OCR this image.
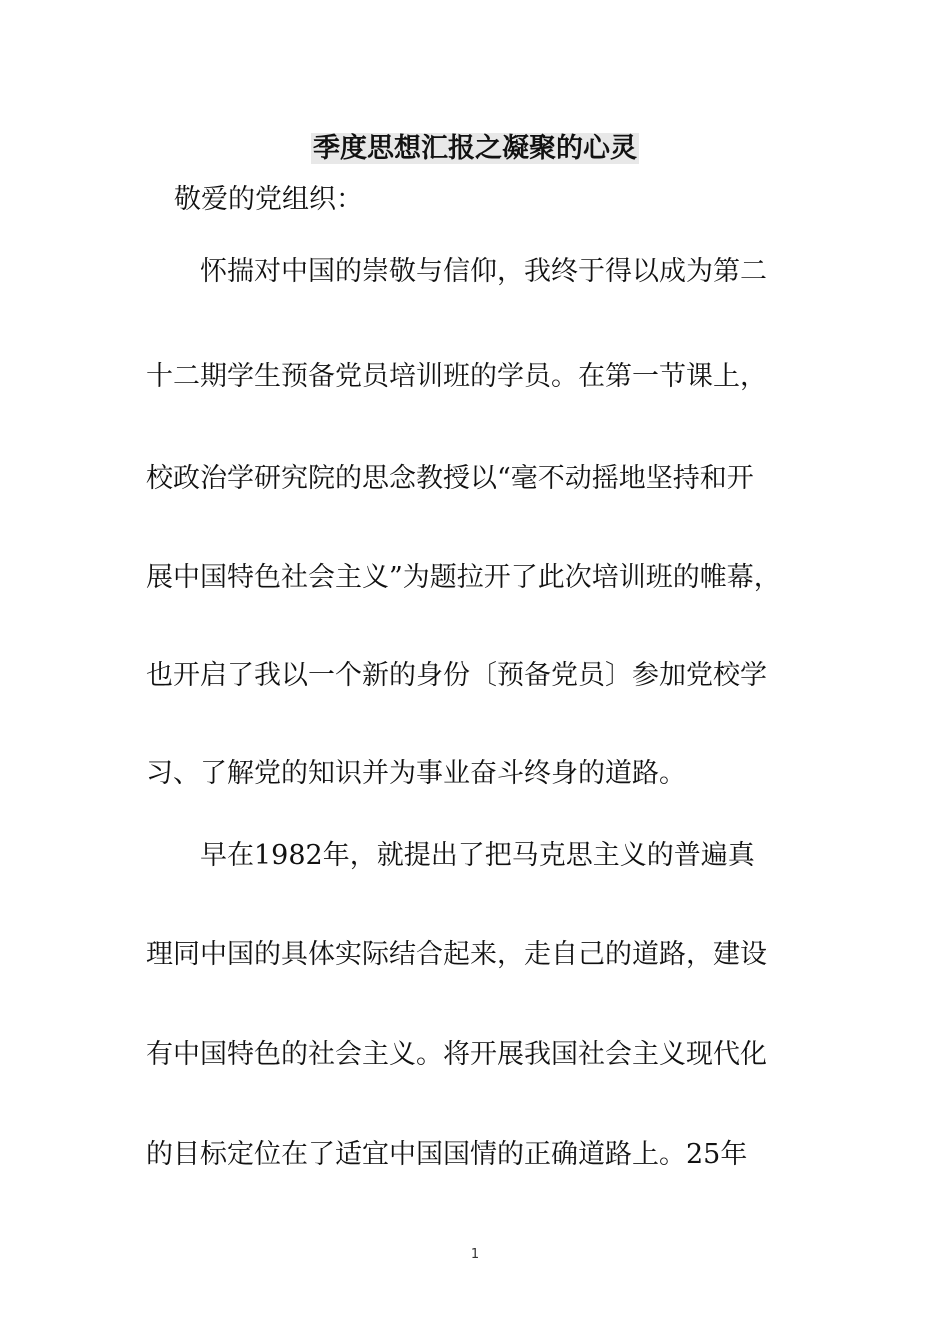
季度思想汇报之凝聚的心灵

敬爱的党组织：

　　怀揣对中国的崇敬与信仰，我终于得以成为第二

十二期学生预备党员培训班的学员。在第一节课上，

校政治学研究院的思念教授以“毫不动摇地坚持和开

展中国特色社会主义”为题拉开了此次培训班的帷幕，

也开启了我以一个新的身份〔预备党员〕参加党校学

习、了解党的知识并为事业奋斗终身的道路。

　　早在1982年，就提出了把马克思主义的普遍真

理同中国的具体实际结合起来，走自己的道路，建设

有中国特色的社会主义。将开展我国社会主义现代化

的目标定位在了适宜中国国情的正确道路上。25年

1
